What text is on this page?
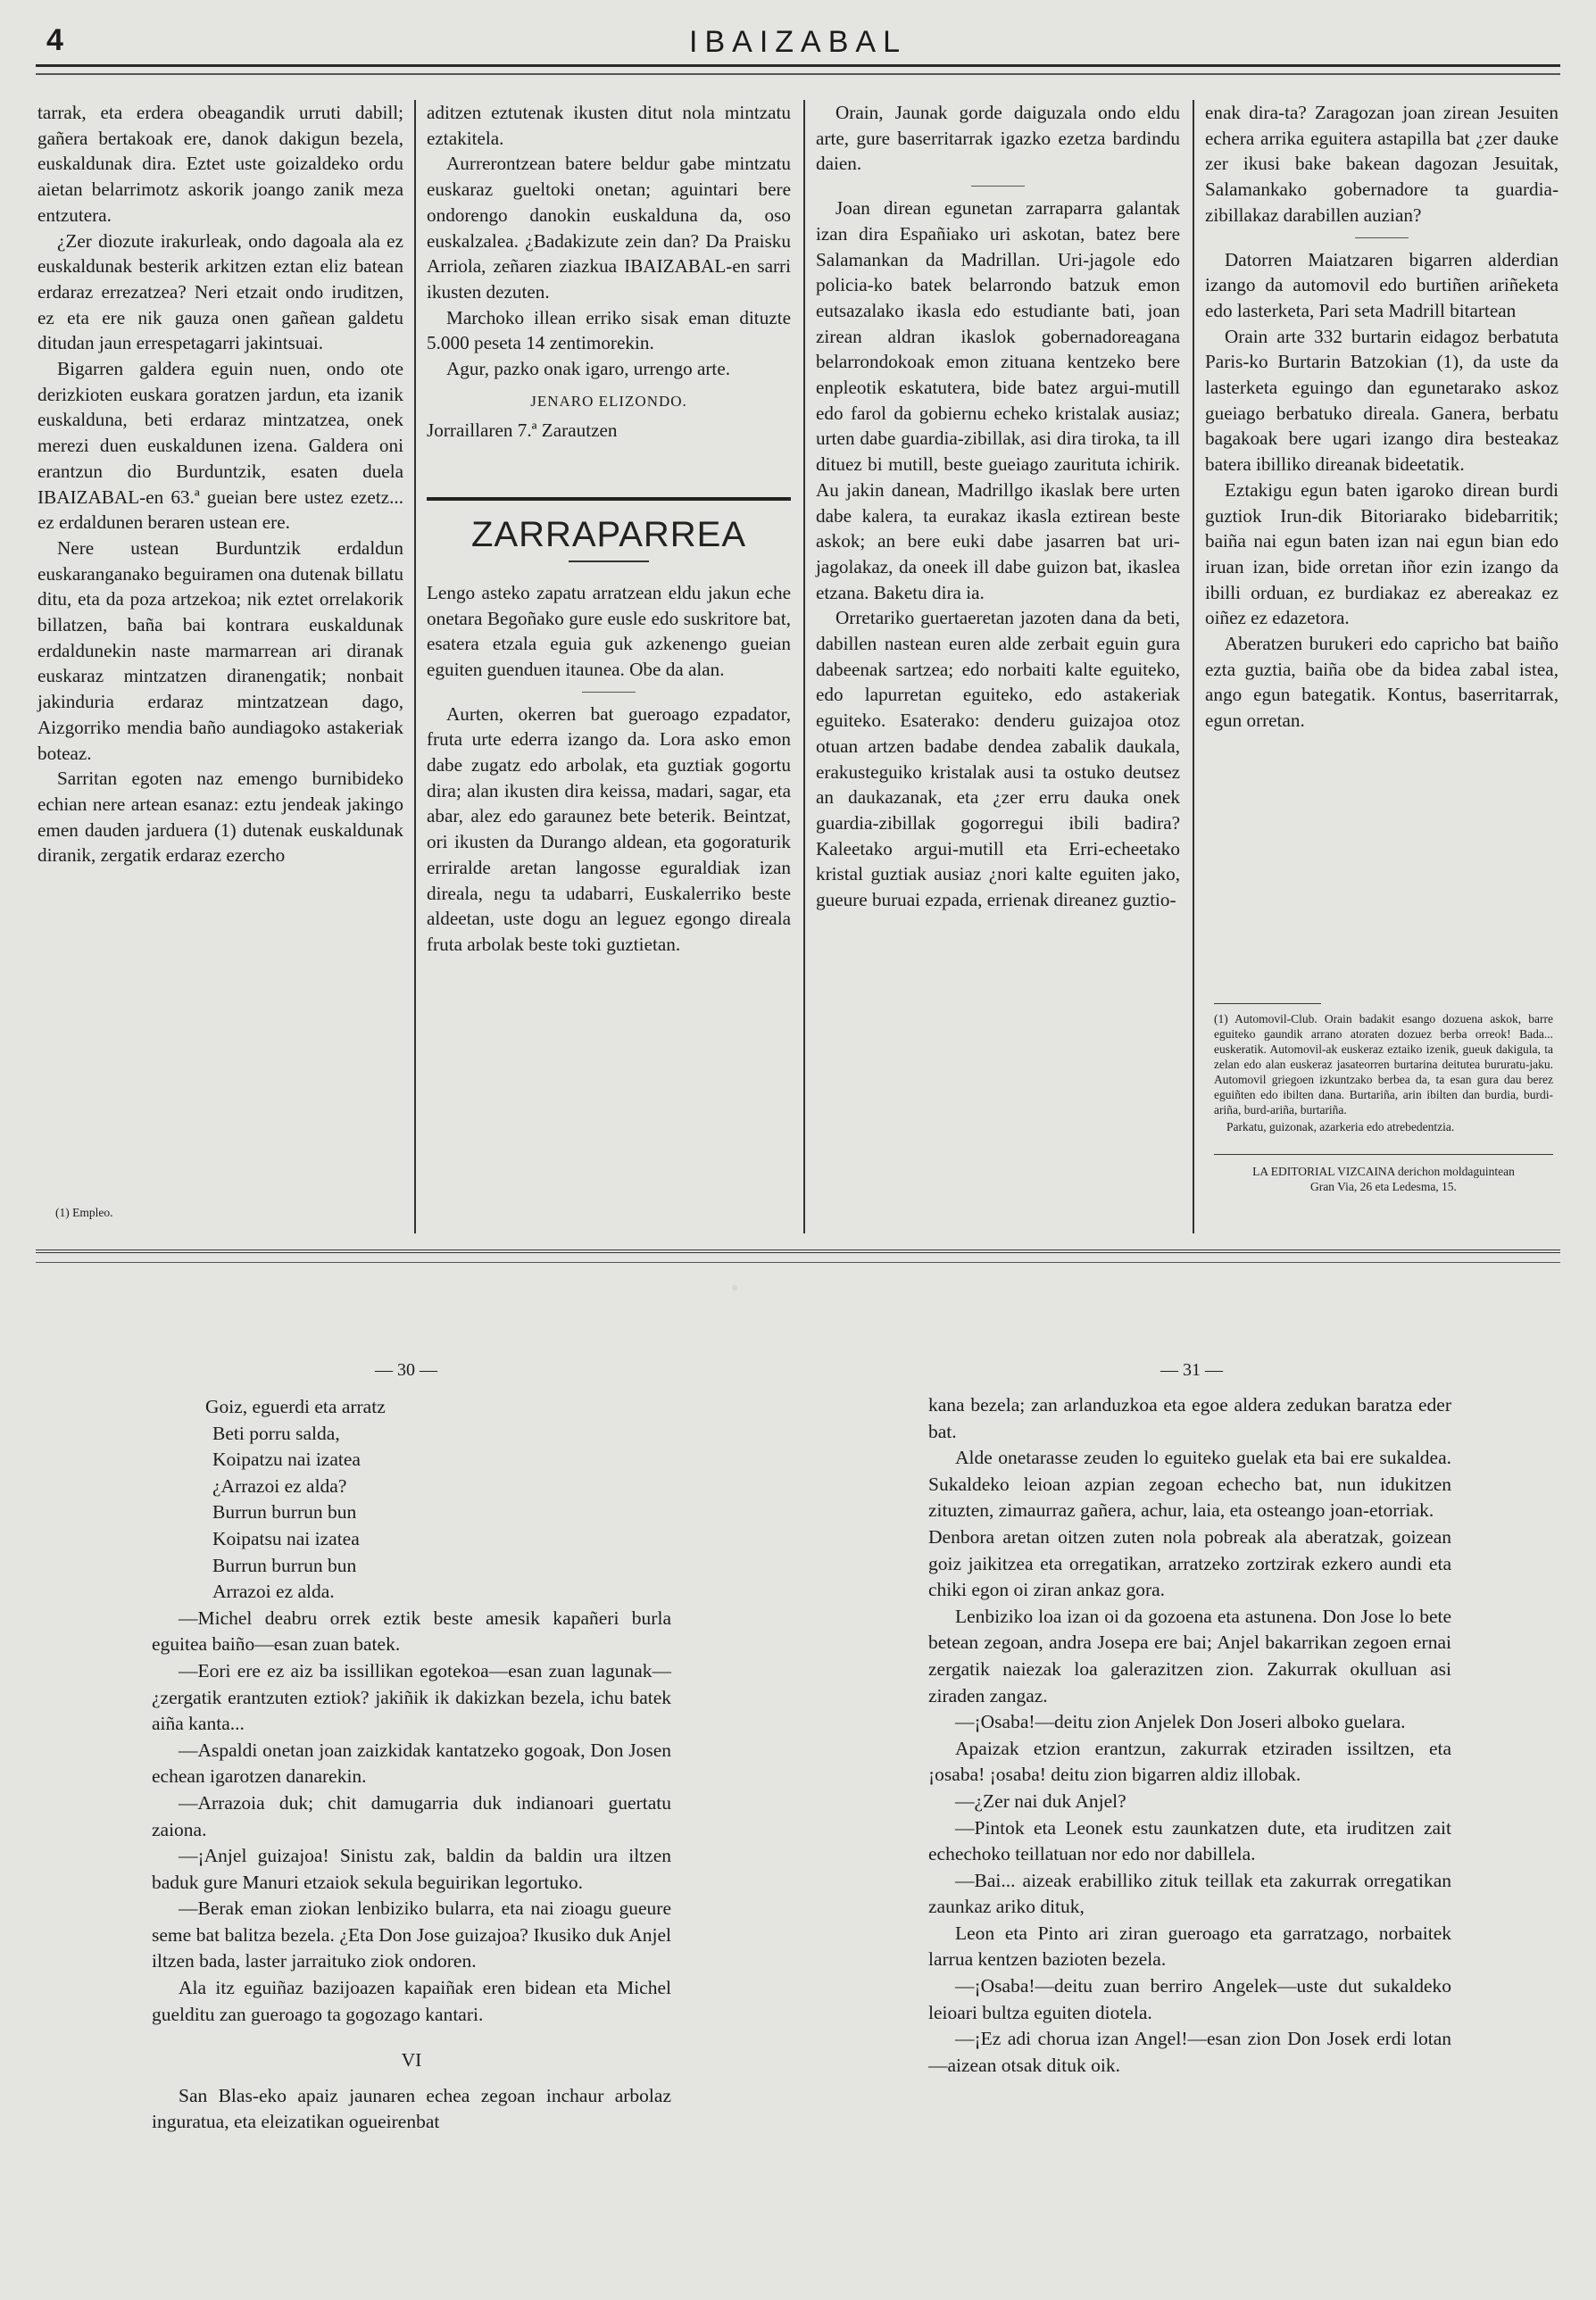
4	IBAIZABAL

tarrak, eta erdera obeagandik urruti dabill; gañera bertakoak ere, danok dakigun bezela, euskaldunak dira. Eztet uste goizaldeko ordu aietan belarrimotz askorik joango zanik meza entzutera.

¿Zer diozute irakurleak, ondo dagoala ala ez euskaldunak besterik arkitzen eztan eliz batean erdaraz errezatzea? Neri etzait ondo iruditzen, ez eta ere nik gauza onen gañean galdetu ditudan jaun errespetagarri jakintsuai.

Bigarren galdera eguin nuen, ondo ote derizkioten euskara goratzen jardun, eta izanik euskalduna, beti erdaraz mintzatzea, onek merezi duen euskaldunen izena. Galdera oni erantzun dio Burduntzik, esaten duela IBAIZABAL-en 63.ª gueian bere ustez ezetz... ez erdaldunen beraren ustean ere.

Nere ustean Burduntzik erdaldun euskaranganako beguiramen ona dutenak billatu ditu, eta da poza artzekoa; nik eztet orrelakorik billatzen, baña bai kontrara euskaldunak erdaldunekin naste marmarrean ari diranak euskaraz mintzatzen diranengatik; nonbait jakinduria erdaraz mintzatzean dago, Aizgorriko mendia baño aundiagoko astakeriak boteaz.

Sarritan egoten naz emengo burnibideko echian nere artean esanaz: eztu jendeak jakingo emen dauden jarduera (1) dutenak euskaldunak diranik, zergatik erdaraz ezercho

(1) Empleo.

aditzen eztutenak ikusten ditut nola mintzatu eztakitela.

Aurrerontzean batere beldur gabe mintzatu euskaraz gueltoki onetan; aguintari bere ondorengo danokin euskalduna da, oso euskalzalea. ¿Badakizute zein dan? Da Praisku Arriola, zeñaren ziazkua IBAIZABAL-en sarri ikusten dezuten.

Marchoko illean erriko sisak eman dituzte 5.000 peseta 14 zentimorekin.

Agur, pazko onak igaro, urrengo arte.

JENARO ELIZONDO.
Jorraillaren 7.ª Zarautzen
ZARRAPARREA

Lengo asteko zapatu arratzean eldu jakun eche onetara Begoñako gure eusle edo suskritore bat, esatera etzala eguia guk azkenengo gueian eguiten guenduen itaunea. Obe da alan.

Aurten, okerren bat gueroago ezpadator, fruta urte ederra izango da. Lora asko emon dabe zugatz edo arbolak, eta guztiak gogortu dira; alan ikusten dira keissa, madari, sagar, eta abar, alez edo garaunez bete beterik. Beintzat, ori ikusten da Durango aldean, eta gogoraturik erriralde aretan langosse eguraldiak izan direala, negu ta udabarri, Euskalerriko beste aldeetan, uste dogu an leguez egongo direala fruta arbolak beste toki guztietan.

Orain, Jaunak gorde daiguzala ondo eldu arte, gure baserritarrak igazko ezetza bardindu daien.

Joan direan egunetan zarraparra galantak izan dira Españiako uri askotan, batez bere Salamankan da Madrillan. Uri-jagole edo policia-ko batek belarrondo batzuk emon eutsazalako ikasla edo estudiante bati, joan zirean aldran ikaslok gobernadoreagana belarrondokoak emon zituana kentzeko bere enpleotik eskatutera, bide batez argui-mutill edo farol da gobiernu echeko kristalak ausiaz; urten dabe guardia-zibillak, asi dira tiroka, ta ill dituez bi mutill, beste gueiago zaurituta ichirik. Au jakin danean, Madrillgo ikaslak bere urten dabe kalera, ta eurakaz ikasla eztirean beste askok; an bere euki dabe jasarren bat uri-jagolakaz, da oneek ill dabe guizon bat, ikaslea etzana. Baketu dira ia.

Orretariko guertaeretan jazoten dana da beti, dabillen nastean euren alde zerbait eguin gura dabeenak sartzea; edo norbaiti kalte eguiteko, edo lapurretan eguiteko, edo astakeriak eguiteko. Esaterako: denderu guizajoa otoz otuan artzen badabe dendea zabalik daukala, erakusteguiko kristalak ausi ta ostuko deutsez an daukazanak, eta ¿zer erru dauka onek guardia-zibillak gogorregui ibili badira? Kaleetako argui-mutill eta Erri-echeetako kristal guztiak ausiaz ¿nori kalte eguiten jako, gueure buruai ezpada, errienak direanez guztio-

enak dira-ta? Zaragozan joan zirean Jesuiten echera arrika eguitera astapilla bat ¿zer dauke zer ikusi bake bakean dagozan Jesuitak, Salamankako gobernadore ta guardia-zibillakaz darabillen auzian?

Datorren Maiatzaren bigarren alderdian izango da automovil edo burtiñen ariñeketa edo lasterketa, Pari seta Madrill bitartean

Orain arte 332 burtarin eidagoz berbatuta Paris-ko Burtarin Batzokian (1), da uste da lasterketa eguingo dan egunetarako askoz gueiago berbatuko direala. Ganera, berbatu bagakoak bere ugari izango dira besteakaz batera ibilliko direanak bideetatik.

Eztakigu egun baten igaroko direan burdi guztiok Irun-dik Bitoriarako bidebarritik; baiña nai egun baten izan nai egun bian edo iruan izan, bide orretan iñor ezin izango da ibilli orduan, ez burdiakaz ez abereakaz ez oiñez ez edazetora.

Aberatzen burukeri edo capricho bat baiño ezta guztia, baiña obe da bidea zabal istea, ango egun bategatik. Kontus, baserritarrak, egun orretan.

(1) Automovil-Club. Orain badakit esango dozuena askok, barre eguiteko gaundik arrano atoraten dozuez berba orreok! Bada... euskeratik. Automovil-ak euskeraz eztaiko izenik, gueuk dakigula, ta zelan edo alan euskeraz jasateorren burtarina deitutea bururatu-jaku. Automovil griegoen izkuntzako berbea da, ta esan gura dau berez eguiñten edo ibilten dana. Burtariña, arin ibilten dan burdia, burdi-ariña, burd-ariña, burtariña.
Parkatu, guizonak, azarkeria edo atrebedentzia.
LA EDITORIAL VIZCAINA derichon moldaguintean
Gran Via, 26 eta Ledesma, 15.
— 30 —
Goiz, eguerdi eta arratz
Beti porru salda,
Koipatzu nai izatea
¿Arrazoi ez alda?
Burrun burrun bun
Koipatsu nai izatea
Burrun burrun bun
Arrazoi ez alda.

—Michel deabru orrek eztik beste amesik kapañeri burla eguitea baiño—esan zuan batek.

—Eori ere ez aiz ba issillikan egotekoa—esan zuan lagunak—¿zergatik erantzuten eztiok? jakiñik ik dakizkan bezela, ichu batek aiña kanta...

—Aspaldi onetan joan zaizkidak kantatzeko gogoak, Don Josen echean igarotzen danarekin.

—Arrazoia duk; chit damugarria duk indianoari guertatu zaiona.

—¡Anjel guizajoa! Sinistu zak, baldin da baldin ura iltzen baduk gure Manuri etzaiok sekula beguirikan legortuko.

—Berak eman ziokan lenbiziko bularra, eta nai zioagu gueure seme bat balitza bezela. ¿Eta Don Jose guizajoa? Ikusiko duk Anjel iltzen bada, laster jarraituko ziok ondoren.

Ala itz eguiñaz bazijoazen kapaiñak eren bidean eta Michel guelditu zan gueroago ta gogozago kantari.

VI

San Blas-eko apaiz jaunaren echea zegoan inchaur arbolaz inguratua, eta eleizatikan ogueirenbat

— 31 —

kana bezela; zan arlanduzkoa eta egoe aldera zedukan baratza eder bat.

Alde onetarasse zeuden lo eguiteko guelak eta bai ere sukaldea. Sukaldeko leioan azpian zegoan echecho bat, nun idukitzen zituzten, zimaurraz gañera, achur, laia, eta osteango joan-etorriak.

Denbora aretan oitzen zuten nola pobreak ala aberatzak, goizean goiz jaikitzea eta orregatikan, arratzeko zortzirak ezkero aundi eta chiki egon oi ziran ankaz gora.

Lenbiziko loa izan oi da gozoena eta astunena. Don Jose lo bete betean zegoan, andra Josepa ere bai; Anjel bakarrikan zegoen ernai zergatik naiezak loa galerazitzen zion. Zakurrak okulluan asi ziraden zangaz.

—¡Osaba!—deitu zion Anjelek Don Joseri alboko guelara.

Apaizak etzion erantzun, zakurrak etziraden issiltzen, eta ¡osaba! ¡osaba! deitu zion bigarren aldiz illobak.

—¿Zer nai duk Anjel?

—Pintok eta Leonek estu zaunkatzen dute, eta iruditzen zait echechoko teillatuan nor edo nor dabillela.

—Bai... aizeak erabilliko zituk teillak eta zakurrak orregatikan zaunkaz ariko dituk,

Leon eta Pinto ari ziran gueroago eta garratzago, norbaitek larrua kentzen bazioten bezela.

—¡Osaba!—deitu zuan berriro Angelek—uste dut sukaldeko leioari bultza eguiten diotela.

—¡Ez adi chorua izan Angel!—esan zion Don Josek erdi lotan —aizean otsak dituk oik.
